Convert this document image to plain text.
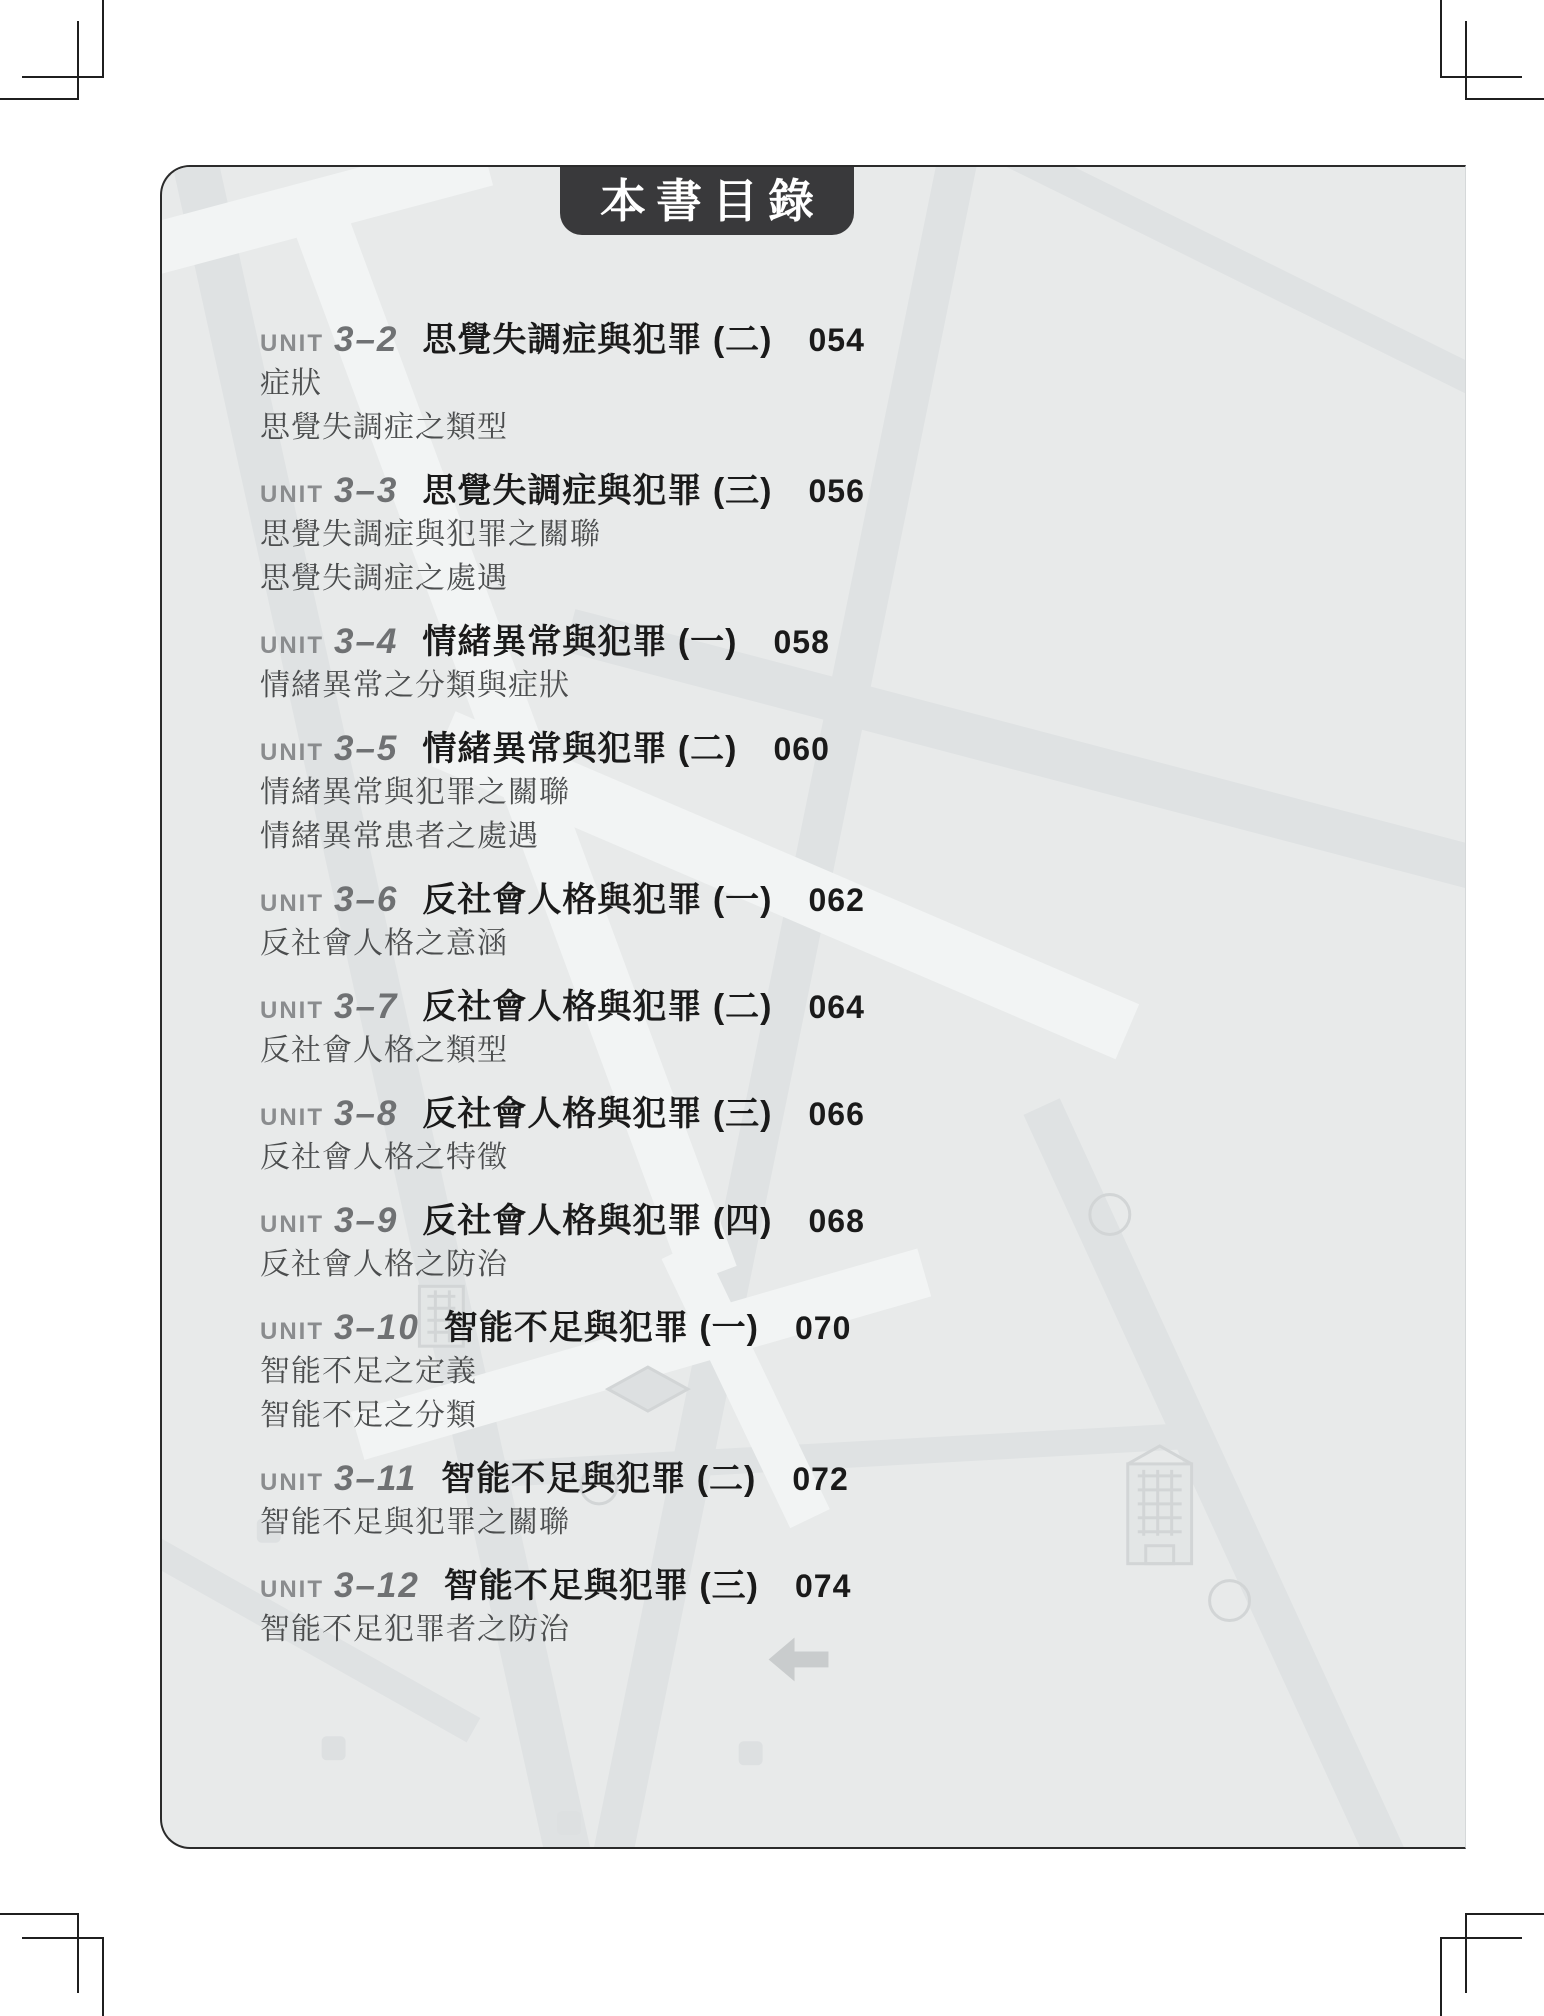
本書目錄
UNIT 3–2 思覺失調症與犯罪 (二) 054
症狀
思覺失調症之類型
UNIT 3–3 思覺失調症與犯罪 (三) 056
思覺失調症與犯罪之關聯
思覺失調症之處遇
UNIT 3–4 情緒異常與犯罪 (一) 058
情緒異常之分類與症狀
UNIT 3–5 情緒異常與犯罪 (二) 060
情緒異常與犯罪之關聯
情緒異常患者之處遇
UNIT 3–6 反社會人格與犯罪 (一) 062
反社會人格之意涵
UNIT 3–7 反社會人格與犯罪 (二) 064
反社會人格之類型
UNIT 3–8 反社會人格與犯罪 (三) 066
反社會人格之特徵
UNIT 3–9 反社會人格與犯罪 (四) 068
反社會人格之防治
UNIT 3–10 智能不足與犯罪 (一) 070
智能不足之定義
智能不足之分類
UNIT 3–11 智能不足與犯罪 (二) 072
智能不足與犯罪之關聯
UNIT 3–12 智能不足與犯罪 (三) 074
智能不足犯罪者之防治
